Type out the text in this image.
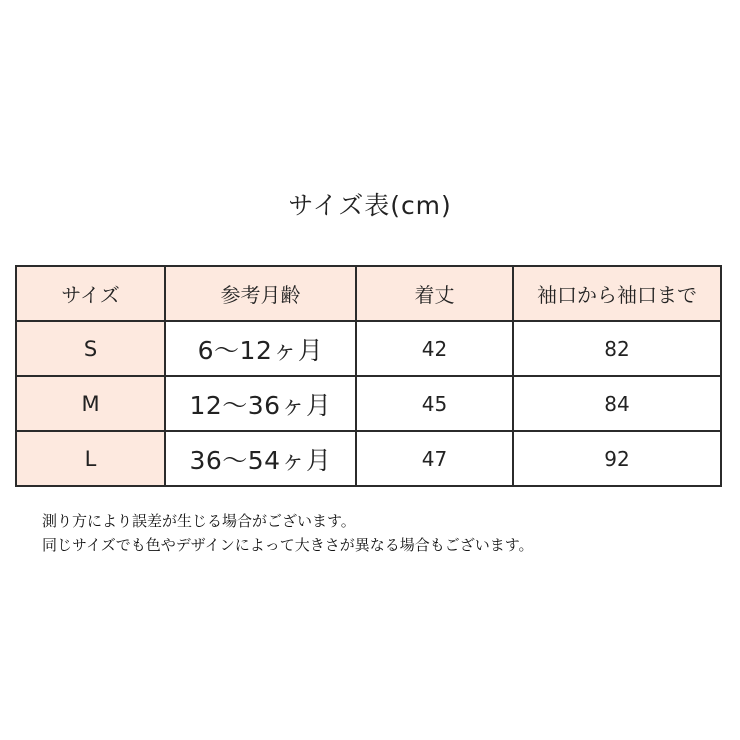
サイズ表(cm)
サイズ	参考月齢	着丈	袖口から袖口まで
S	6〜12ヶ月	42	82
M	12〜36ヶ月	45	84
L	36〜54ヶ月	47	92
測り方により誤差が生じる場合がございます。
同じサイズでも色やデザインによって大きさが異なる場合もございます。
